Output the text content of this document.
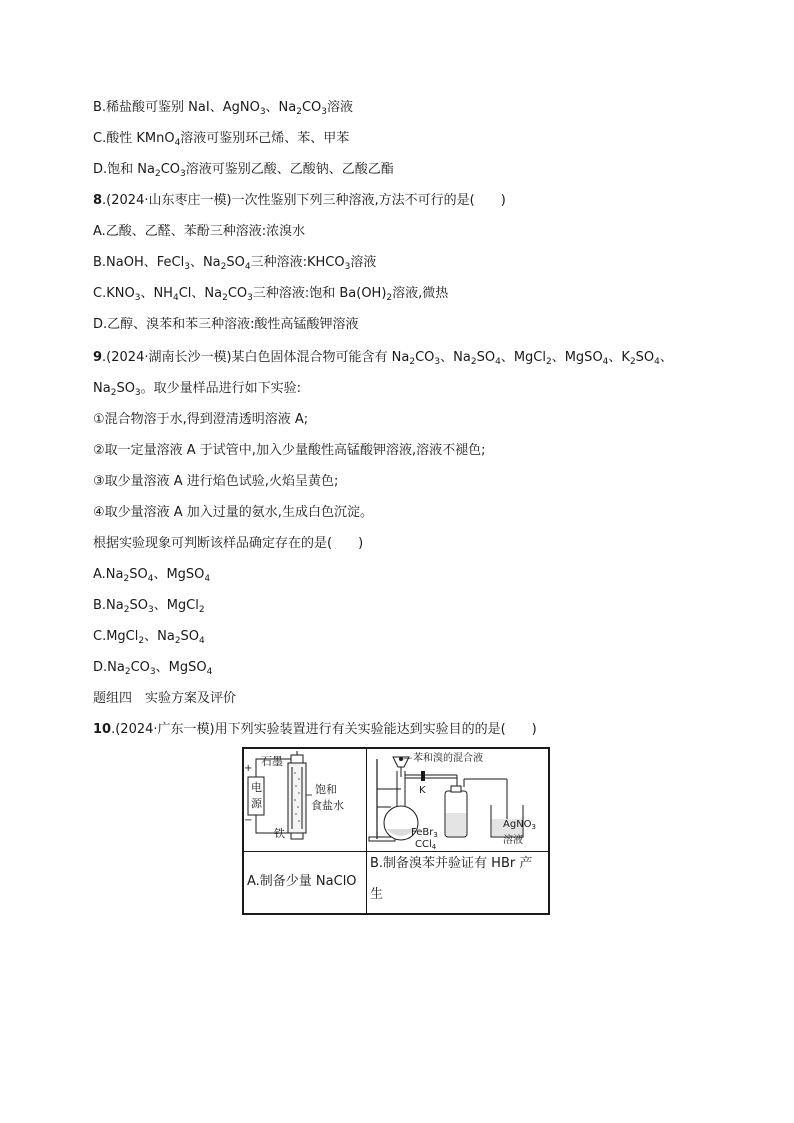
B.稀盐酸可鉴别 NaI、AgNO$_3$、$Na_2CO_3$溶液
C.酸性 KMnO$_4$溶液可鉴别环己烯、苯、甲苯
D.饱和 $Na_2CO_3$溶液可鉴别乙酸、乙酸钠、乙酸乙酯
8.(2024·山东枣庄一模)一次性鉴别下列三种溶液,方法不可行的是(　　)
A.乙酸、乙醛、苯酚三种溶液:浓溴水
B.NaOH、FeCl$_3$、$Na_2SO_4$三种溶液$:KHCO_3$溶液
$C.KNO_3$、$NH_4Cl$、$Na_2CO_3$三种溶液:饱和 $Ba(OH)_2$溶液,微热
D.乙醇、溴苯和苯三种溶液:酸性高锰酸钾溶液
9.(2024·湖南长沙一模)某白色固体混合物可能含有 $Na_2CO_3$、$Na_2SO_4$、MgCl$_2$、MgSO$_4$、$K_2SO_4$、
$Na_2SO_3$。取少量样品进行如下实验:
①混合物溶于水,得到澄清透明溶液 A;
②取一定量溶液 A 于试管中,加入少量酸性高锰酸钾溶液,溶液不褪色;
③取少量溶液 A 进行焰色试验,火焰呈黄色;
④取少量溶液 A 加入过量的氨水,生成白色沉淀。
根据实验现象可判断该样品确定存在的是(　　)
$A.Na_2SO_4$、MgSO$_4$
$B.Na_2SO_3$、MgCl$_2$
C.MgCl$_2$、$Na_2SO_4$
$D.Na_2CO_3$、MgSO$_4$
题组四　实验方案及评价
10.(2024·广东一模)用下列实验装置进行有关实验能达到实验目的的是(　　)
电
源
+
−
石墨
饱和
食盐水
铁
苯和溴的混合液
K
FeBr$_3$
CCl$_4$
AgNO$_3$
溶液
A.制备少量 NaClO
B.制备溴苯并验证有 HBr 产
生
